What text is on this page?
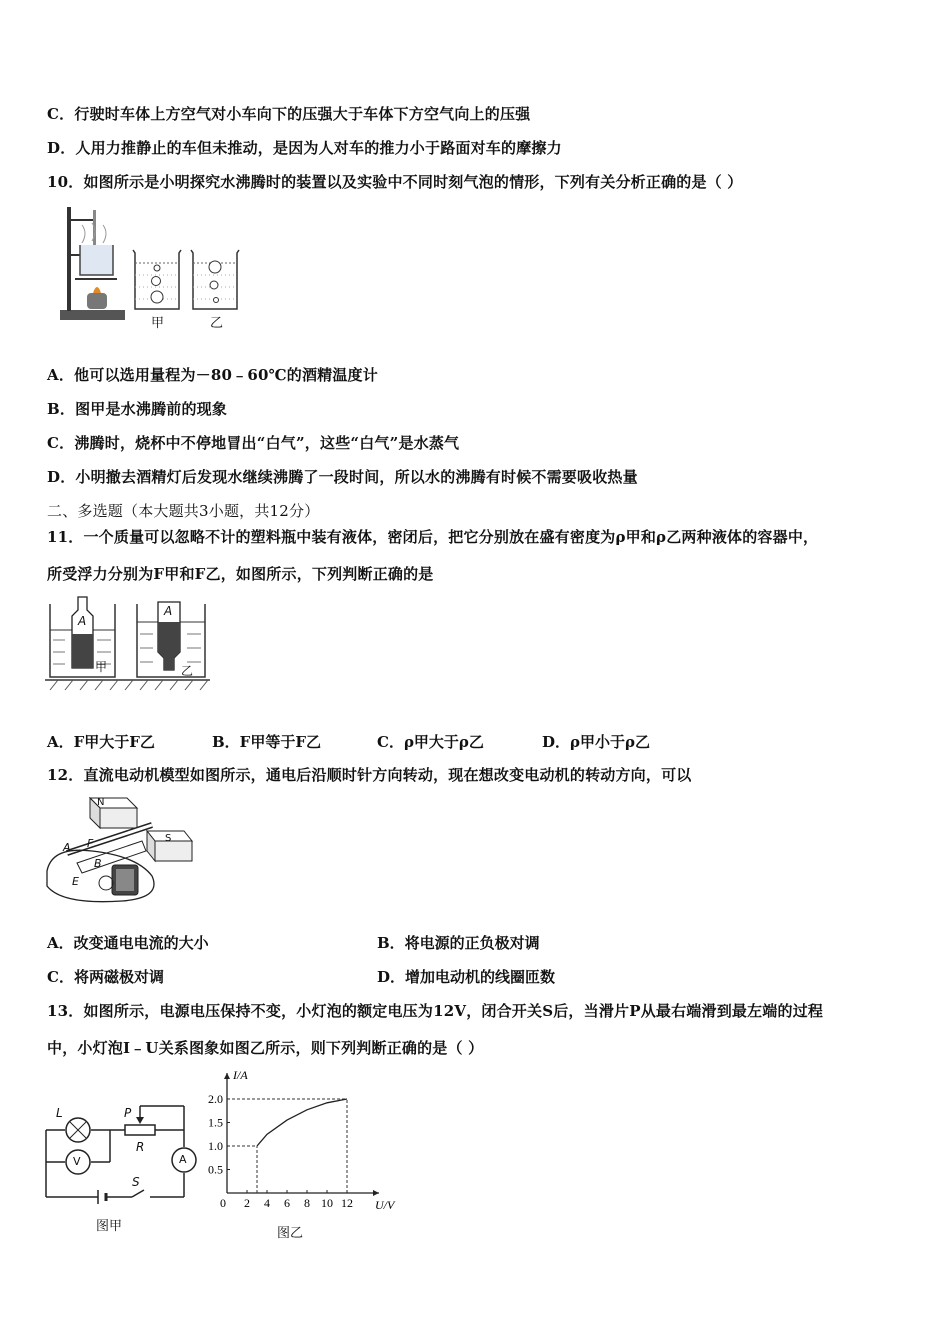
C．行驶时车体上方空气对小车向下的压强大于车体下方空气向上的压强
D．人用力推静止的车但未推动，是因为人对车的推力小于路面对车的摩擦力
10．如图所示是小明探究水沸腾时的装置以及实验中不同时刻气泡的情形，下列有关分析正确的是（ ）
甲	乙
A．他可以选用量程为－80﹣60℃的酒精温度计
B．图甲是水沸腾前的现象
C．沸腾时，烧杯中不停地冒出“白气”，这些“白气”是水蒸气
D．小明撤去酒精灯后发现水继续沸腾了一段时间，所以水的沸腾有时候不需要吸收热量
二、多选题（本大题共3小题，共12分）
11．一个质量可以忽略不计的塑料瓶中装有液体，密闭后，把它分别放在盛有密度为ρ甲和ρ乙两种液体的容器中，
所受浮力分别为F甲和F乙，如图所示，下列判断正确的是
A
甲
A
乙
A．F甲大于F乙	B．F甲等于F乙	C．ρ甲大于ρ乙	D．ρ甲小于ρ乙
12．直流电动机模型如图所示，通电后沿顺时针方向转动，现在想改变电动机的转动方向，可以
N
S
A F
B
E
A．改变通电电流的大小	B．将电源的正负极对调
C．将两磁极对调	D．增加电动机的线圈匝数
13．如图所示，电源电压保持不变，小灯泡的额定电压为12V，闭合开关S后，当滑片P从最右端滑到最左端的过程
中，小灯泡I﹣U关系图象如图乙所示，则下列判断正确的是（ ）
L	P
R
V	A
S
图甲
0 2 4 6 8 10 12
0.5
1.0
1.5
2.0
U/V
I/A
图乙
